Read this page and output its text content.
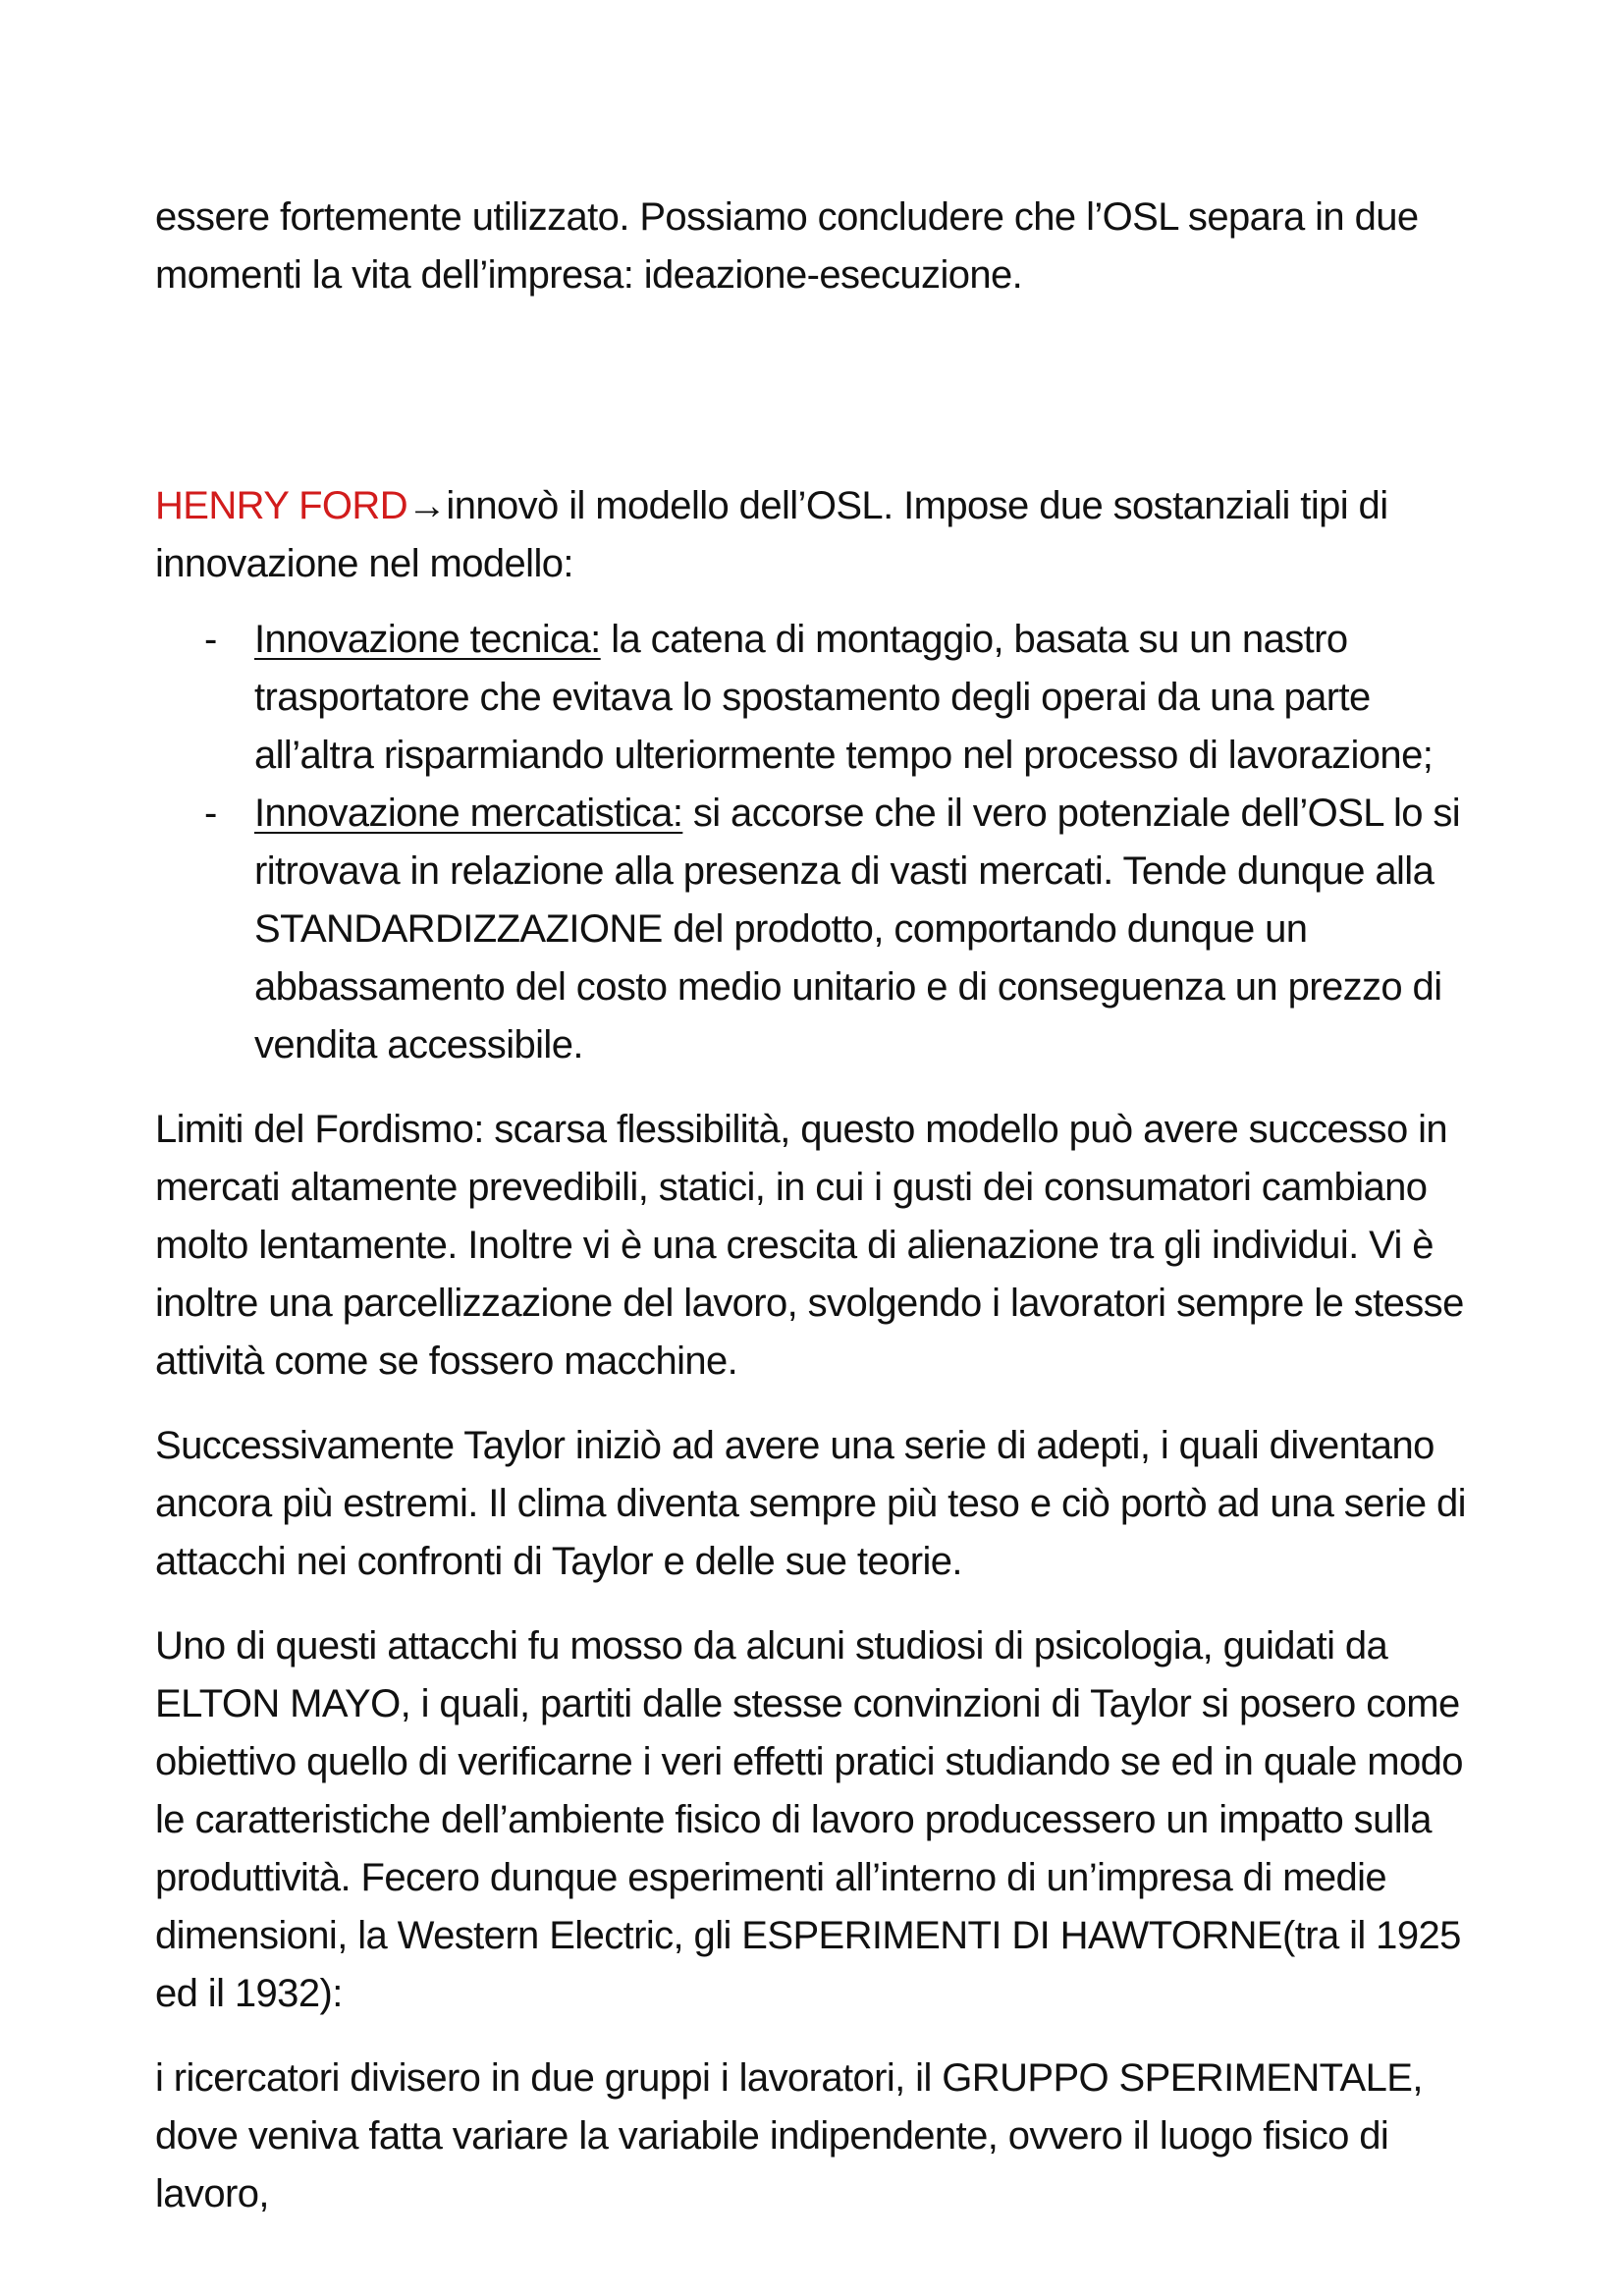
essere fortemente utilizzato. Possiamo concludere che l’OSL separa in due momenti la vita dell’impresa: ideazione-esecuzione.

HENRY FORD→innovò il modello dell’OSL. Impose due sostanziali tipi di innovazione nel modello:

- Innovazione tecnica: la catena di montaggio, basata su un nastro trasportatore che evitava lo spostamento degli operai da una parte all’altra risparmiando ulteriormente tempo nel processo di lavorazione;
- Innovazione mercatistica: si accorse che il vero potenziale dell’OSL lo si ritrovava in relazione alla presenza di vasti mercati. Tende dunque alla STANDARDIZZAZIONE del prodotto, comportando dunque un abbassamento del costo medio unitario e di conseguenza un prezzo di vendita accessibile.

Limiti del Fordismo: scarsa flessibilità, questo modello può avere successo in mercati altamente prevedibili, statici, in cui i gusti dei consumatori cambiano molto lentamente. Inoltre vi è una crescita di alienazione tra gli individui. Vi è inoltre una parcellizzazione del lavoro, svolgendo i lavoratori sempre le stesse attività come se fossero macchine.

Successivamente Taylor iniziò ad avere una serie di adepti, i quali diventano ancora più estremi. Il clima diventa sempre più teso e ciò portò ad una serie di attacchi nei confronti di Taylor e delle sue teorie.

Uno di questi attacchi fu mosso da alcuni studiosi di psicologia, guidati da ELTON MAYO, i quali, partiti dalle stesse convinzioni di Taylor si posero come obiettivo quello di verificarne i veri effetti pratici studiando se ed in quale modo le caratteristiche dell’ambiente fisico di lavoro producessero un impatto sulla produttività. Fecero dunque esperimenti all’interno di un’impresa di medie dimensioni, la Western Electric, gli ESPERIMENTI DI HAWTORNE(tra il 1925 ed il 1932):

i ricercatori divisero in due gruppi i lavoratori, il GRUPPO SPERIMENTALE, dove veniva fatta variare la variabile indipendente, ovvero il luogo fisico di lavoro,
